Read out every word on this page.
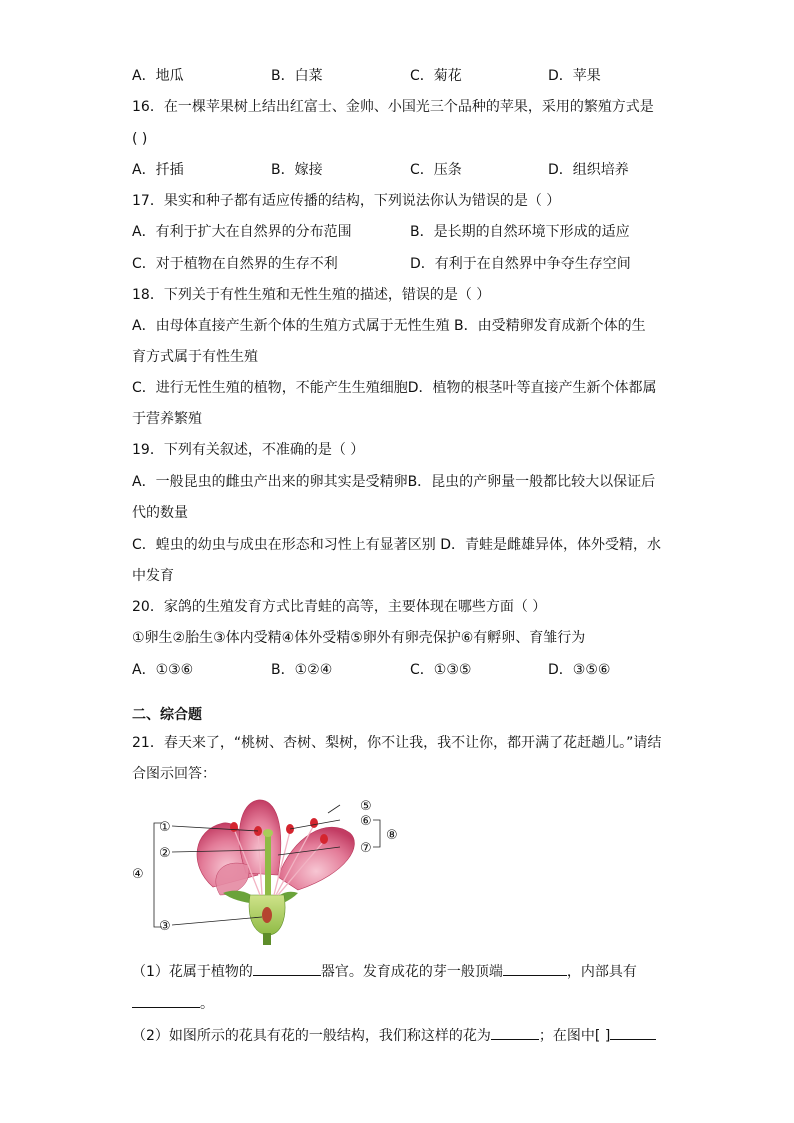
A．地瓜	B．白菜	C．菊花	D．苹果
16．在一棵苹果树上结出红富士、金帅、小国光三个品种的苹果，采用的繁殖方式是
( )
A．扦插	B．嫁接	C．压条	D．组织培养
17．果实和种子都有适应传播的结构，下列说法你认为错误的是（ ）
A．有利于扩大在自然界的分布范围	B．是长期的自然环境下形成的适应
C．对于植物在自然界的生存不利	D．有利于在自然界中争夺生存空间
18．下列关于有性生殖和无性生殖的描述，错误的是（ ）
A．由母体直接产生新个体的生殖方式属于无性生殖 B．由受精卵发育成新个体的生
育方式属于有性生殖
C．进行无性生殖的植物，不能产生生殖细胞D．植物的根茎叶等直接产生新个体都属
于营养繁殖
19．下列有关叙述，不准确的是（ ）
A．一般昆虫的雌虫产出来的卵其实是受精卵B．昆虫的产卵量一般都比较大以保证后
代的数量
C．蝗虫的幼虫与成虫在形态和习性上有显著区别 D．青蛙是雌雄异体，体外受精，水
中发育
20．家鸽的生殖发育方式比青蛙的高等，主要体现在哪些方面（ ）
①卵生②胎生③体内受精④体外受精⑤卵外有卵壳保护⑥有孵卵、育雏行为
A．①③⑥	B．①②④	C．①③⑤	D．③⑤⑥
二、综合题
21．春天来了，“桃树、杏树、梨树，你不让我，我不让你，都开满了花赶趟儿。”请结
合图示回答：
①
②
③
④
⑤
⑥
⑦
⑧
（1）花属于植物的	器官。发育成花的芽一般顶端	，内部具有
。
（2）如图所示的花具有花的一般结构，我们称这样的花为	；在图中[ ]
